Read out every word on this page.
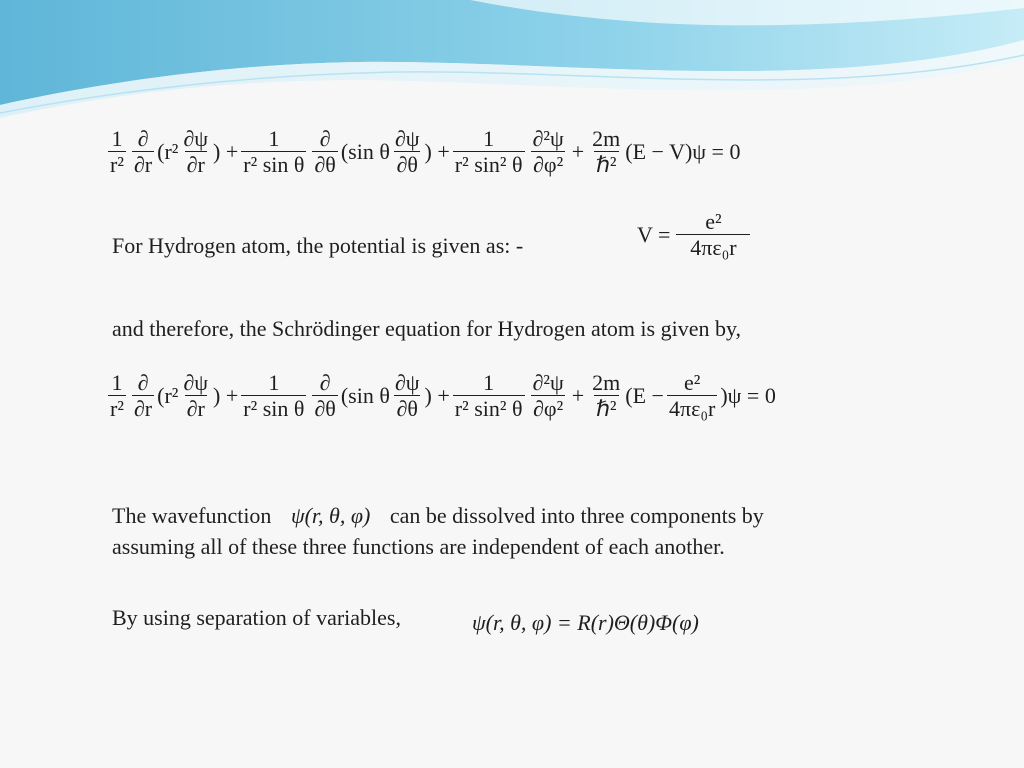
$\frac{1}{\text{r²}} \frac{\partial}{\partial r} (r^2 \frac{\partial\psi}{\partial r}$ ) + $\frac{1}{\text{r² sin θ}} \frac{\partial}{\partial\theta} (\sin$ θ $\frac{\partial\psi}{\partial\theta}$ ) + $\frac{1}{\text{r² sin² θ}} \frac{\text{∂²ψ}}{\text{∂φ²}} + \frac{2m}{\text{ℏ²}} (E - V)\psi = 0$
For Hydrogen atom, the potential is given as: -	$V = \frac{\text{e²}}{\text{4πε₀r}}$
and therefore, the Schrödinger equation for Hydrogen atom is given by,
$\frac{1}{\text{r²}} \frac{\partial}{\partial r} (r^2 \frac{\partial\psi}{\partial r}$ ) + $\frac{1}{\text{r² sin θ}} \frac{\partial}{\partial\theta} (\sin$ θ $\frac{\partial\psi}{\partial\theta}$ ) + $\frac{1}{\text{r² sin² θ}} \frac{\text{∂²ψ}}{\text{∂φ²}} + \frac{2m}{\text{ℏ²}} (E - \frac{\text{e²}}{\text{4πε₀r}} )\psi = 0$
The wavefunction ψ(r, θ, φ) can be dissolved into three components by
assuming all of these three functions are independent of each another.
By using separation of variables,	ψ(r, θ, φ) = R(r)Θ(θ)Φ(φ)
